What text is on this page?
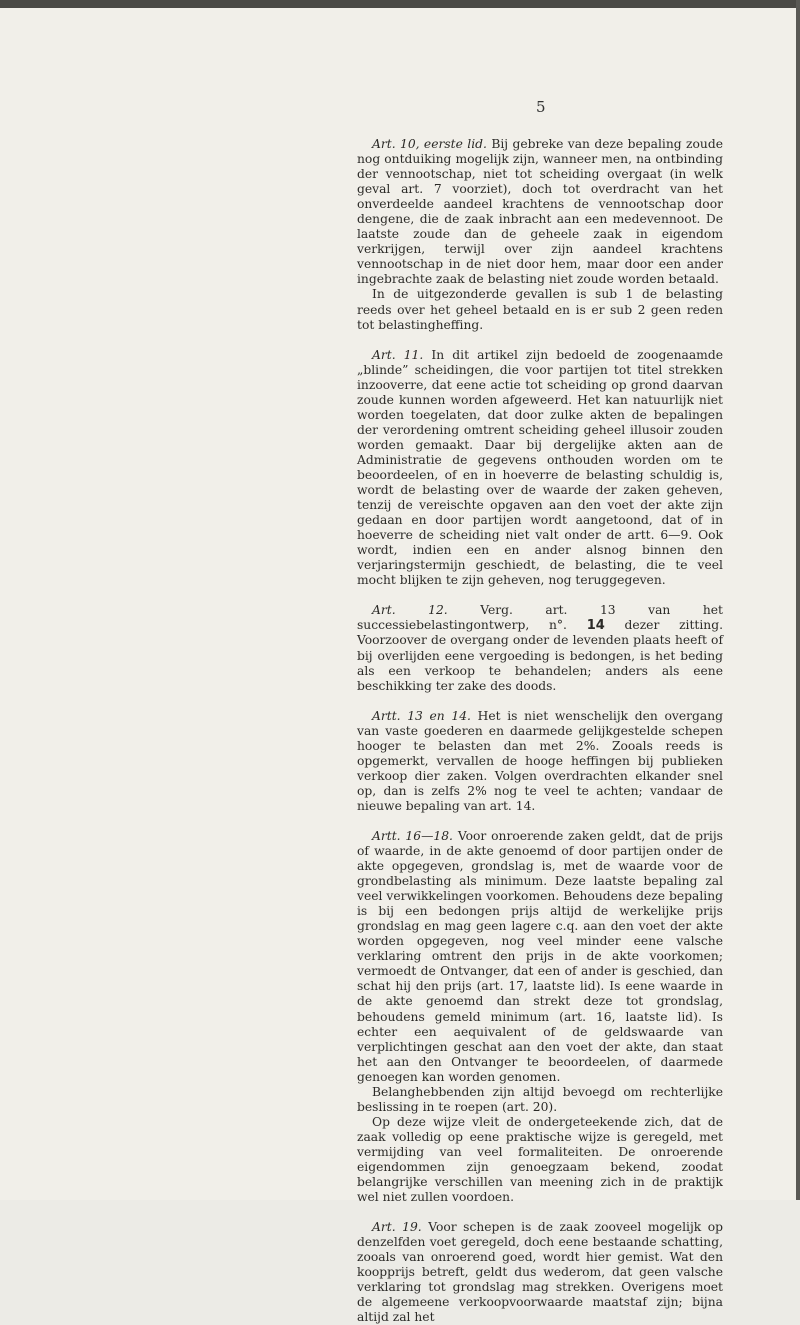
5

Art. 10, eerste lid. Bij gebreke van deze bepaling zoude nog ontduiking mogelijk zijn, wanneer men, na ontbinding der vennootschap, niet tot scheiding overgaat (in welk geval art. 7 voorziet), doch tot overdracht van het onverdeelde aandeel krachtens de vennootschap door dengene, die de zaak inbracht aan een medevennoot. De laatste zoude dan de geheele zaak in eigendom verkrijgen, terwijl over zijn aandeel krachtens vennootschap in de niet door hem, maar door een ander ingebrachte zaak de belasting niet zoude worden betaald.

In de uitgezonderde gevallen is sub 1 de belasting reeds over het geheel betaald en is er sub 2 geen reden tot belastingheffing.

Art. 11. In dit artikel zijn bedoeld de zoogenaamde „blinde” scheidingen, die voor partijen tot titel strekken inzooverre, dat eene actie tot scheiding op grond daarvan zoude kunnen worden afgeweerd. Het kan natuurlijk niet worden toegelaten, dat door zulke akten de bepalingen der verordening omtrent scheiding geheel illusoir zouden worden gemaakt. Daar bij dergelijke akten aan de Administratie de gegevens onthouden worden om te beoordeelen, of en in hoeverre de belasting schuldig is, wordt de belasting over de waarde der zaken geheven, tenzij de vereischte opgaven aan den voet der akte zijn gedaan en door partijen wordt aangetoond, dat of in hoeverre de scheiding niet valt onder de artt. 6—9. Ook wordt, indien een en ander alsnog binnen den verjaringstermijn geschiedt, de belasting, die te veel mocht blijken te zijn geheven, nog teruggegeven.

Art. 12. Verg. art. 13 van het successiebelastingontwerp, n°. 14 dezer zitting. Voorzoover de overgang onder de levenden plaats heeft of bij overlijden eene vergoeding is bedongen, is het beding als een verkoop te behandelen; anders als eene beschikking ter zake des doods.

Artt. 13 en 14. Het is niet wenschelijk den overgang van vaste goederen en daarmede gelijkgestelde schepen hooger te belasten dan met 2%. Zooals reeds is opgemerkt, vervallen de hooge heffingen bij publieken verkoop dier zaken. Volgen overdrachten elkander snel op, dan is zelfs 2% nog te veel te achten; vandaar de nieuwe bepaling van art. 14.

Artt. 16—18. Voor onroerende zaken geldt, dat de prijs of waarde, in de akte genoemd of door partijen onder de akte opgegeven, grondslag is, met de waarde voor de grondbelasting als minimum. Deze laatste bepaling zal veel verwikkelingen voorkomen. Behoudens deze bepaling is bij een bedongen prijs altijd de werkelijke prijs grondslag en mag geen lagere c.q. aan den voet der akte worden opgegeven, nog veel minder eene valsche verklaring omtrent den prijs in de akte voorkomen; vermoedt de Ontvanger, dat een of ander is geschied, dan schat hij den prijs (art. 17, laatste lid). Is eene waarde in de akte genoemd dan strekt deze tot grondslag, behoudens gemeld minimum (art. 16, laatste lid). Is echter een aequivalent of de geldswaarde van verplichtingen geschat aan den voet der akte, dan staat het aan den Ontvanger te beoordeelen, of daarmede genoegen kan worden genomen.

Belanghebbenden zijn altijd bevoegd om rechterlijke beslissing in te roepen (art. 20).

Op deze wijze vleit de ondergeteekende zich, dat de zaak volledig op eene praktische wijze is geregeld, met vermijding van veel formaliteiten. De onroerende eigendommen zijn genoegzaam bekend, zoodat belangrijke verschillen van meening zich in de praktijk wel niet zullen voordoen.

Art. 19. Voor schepen is de zaak zooveel mogelijk op denzelfden voet geregeld, doch eene bestaande schatting, zooals van onroerend goed, wordt hier gemist. Wat den koopprijs betreft, geldt dus wederom, dat geen valsche verklaring tot grondslag mag strekken. Overigens moet de algemeene verkoopvoorwaarde maatstaf zijn; bijna altijd zal het
